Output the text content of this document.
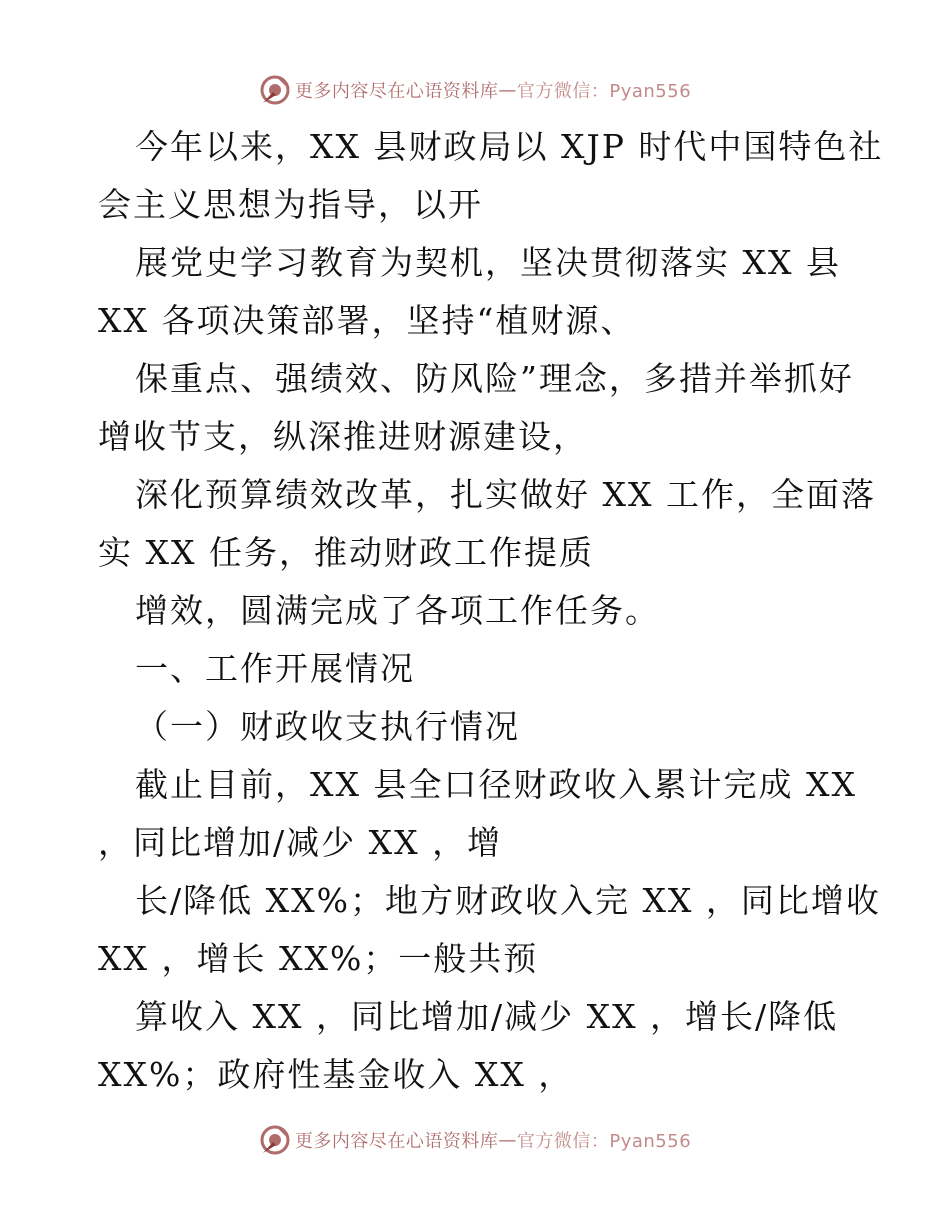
更多内容尽在心语资料库 — 官方微信：Pyan556
今年以来，XX 县财政局以 XJP 时代中国特色社
会主义思想为指导，以开
展党史学习教育为契机，坚决贯彻落实 XX 县
XX 各项决策部署，坚持“植财源、
保重点、强绩效、防风险”理念，多措并举抓好
增收节支，纵深推进财源建设，
深化预算绩效改革，扎实做好 XX 工作，全面落
实 XX 任务，推动财政工作提质
增效，圆满完成了各项工作任务。
一、工作开展情况
（一）财政收支执行情况
截止目前，XX 县全口径财政收入累计完成 XX
，同比增加/减少 XX ，增
长/降低 XX%；地方财政收入完 XX ，同比增收
XX ，增长 XX%；一般共预
算收入 XX ，同比增加/减少 XX ，增长/降低
XX%；政府性基金收入 XX ，
更多内容尽在心语资料库 — 官方微信：Pyan556
